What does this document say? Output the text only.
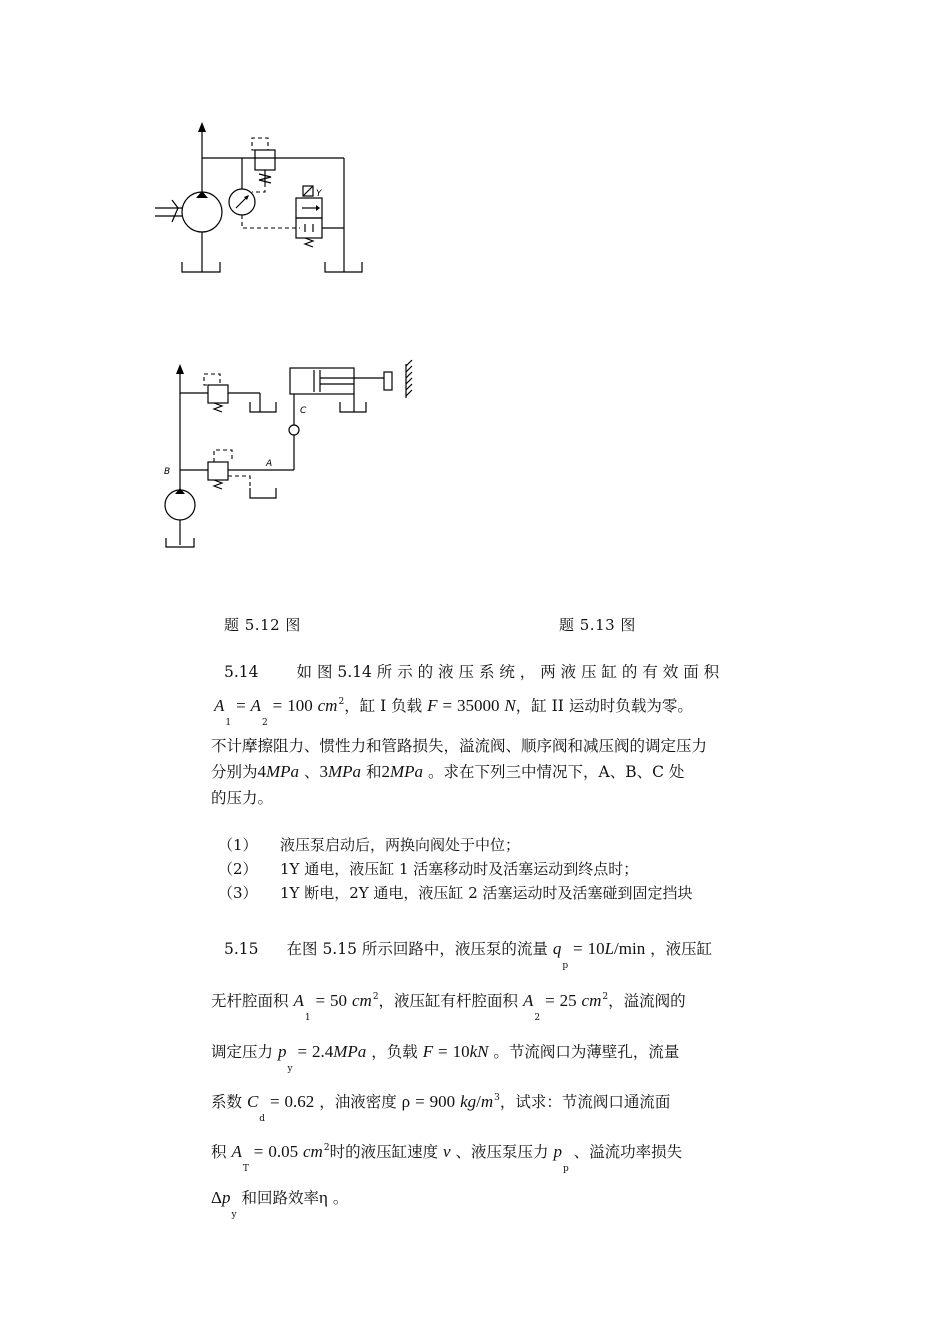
Y
B
A
C
题 5.12 图	题 5.13 图
5.14 如 图 5.14 所 示 的 液 压 系 统 ， 两 液 压 缸 的 有 效 面 积
$A_1 = A_2 = 100$ $cm^2$，缸 I 负载 F = 35000 N，缸 II 运动时负载为零。
不计摩擦阻力、惯性力和管路损失，溢流阀、顺序阀和减压阀的调定压力
分别为4MPa 、3MPa 和2MPa 。求在下列三中情况下，A、B、C 处
的压力。
（1） 液压泵启动后，两换向阀处于中位；
（2） 1Y 通电，液压缸 1 活塞移动时及活塞运动到终点时；
（3） 1Y 断电，2Y 通电，液压缸 2 活塞运动时及活塞碰到固定挡块
5.15 在图 5.15 所示回路中，液压泵的流量 $q_p = 10L/\min$ ，液压缸
无杆腔面积 $A_1 = 50$ $cm^2$，液压缸有杆腔面积 $A_2 = 25$ $cm^2$，溢流阀的
调定压力 $p_y = 2.4MPa$ ，负载 F = 10kN 。节流阀口为薄壁孔，流量
系数 $C_d = 0.62$ ，油液密度 ρ = 900 $kg/m^3$，试求：节流阀口通流面
积 $A_T = 0.05$ $cm^2$时的液压缸速度 v 、液压泵压力 $p_p$ 、溢流功率损失
$\Delta p_y$ 和回路效率η 。
